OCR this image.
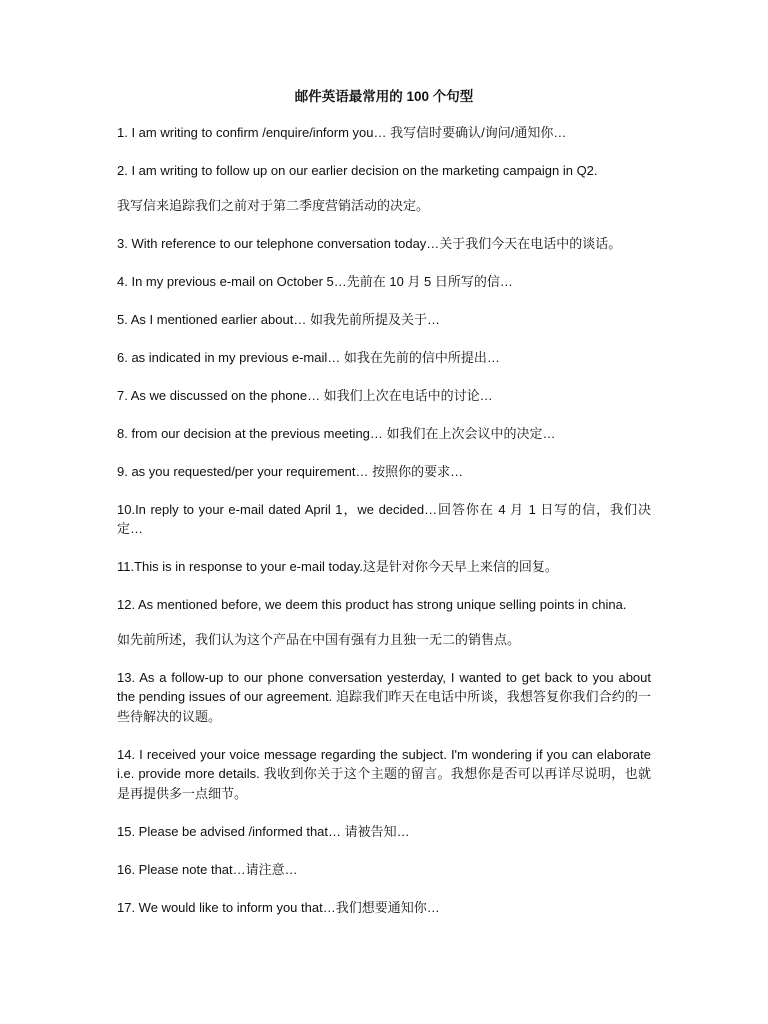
邮件英语最常用的 100 个句型
1. I am writing to confirm /enquire/inform you… 我写信时要确认/询问/通知你…
2. I am writing to follow up on our earlier decision on the marketing campaign in Q2.
我写信来追踪我们之前对于第二季度营销活动的决定。
3. With reference to our telephone conversation today…关于我们今天在电话中的谈话。
4. In my previous e-mail on October 5…先前在 10 月 5 日所写的信…
5. As I mentioned earlier about… 如我先前所提及关于…
6. as indicated in my previous e-mail… 如我在先前的信中所提出…
7. As we discussed on the phone… 如我们上次在电话中的讨论…
8. from our decision at the previous meeting… 如我们在上次会议中的决定…
9. as you requested/per your requirement… 按照你的要求…
10.In reply to your e-mail dated April 1，we decided…回答你在 4 月 1 日写的信，我们决定…
11.This is in response to your e-mail today.这是针对你今天早上来信的回复。
12. As mentioned before, we deem this product has strong unique selling points in china.
如先前所述，我们认为这个产品在中国有强有力且独一无二的销售点。
13. As a follow-up to our phone conversation yesterday, I wanted to get back to you about the pending issues of our agreement. 追踪我们昨天在电话中所谈，我想答复你我们合约的一些待解决的议题。
14. I received your voice message regarding the subject. I'm wondering if you can elaborate i.e. provide more details. 我收到你关于这个主题的留言。我想你是否可以再详尽说明，也就是再提供多一点细节。
15. Please be advised /informed that… 请被告知…
16. Please note that…请注意…
17. We would like to inform you that…我们想要通知你…
